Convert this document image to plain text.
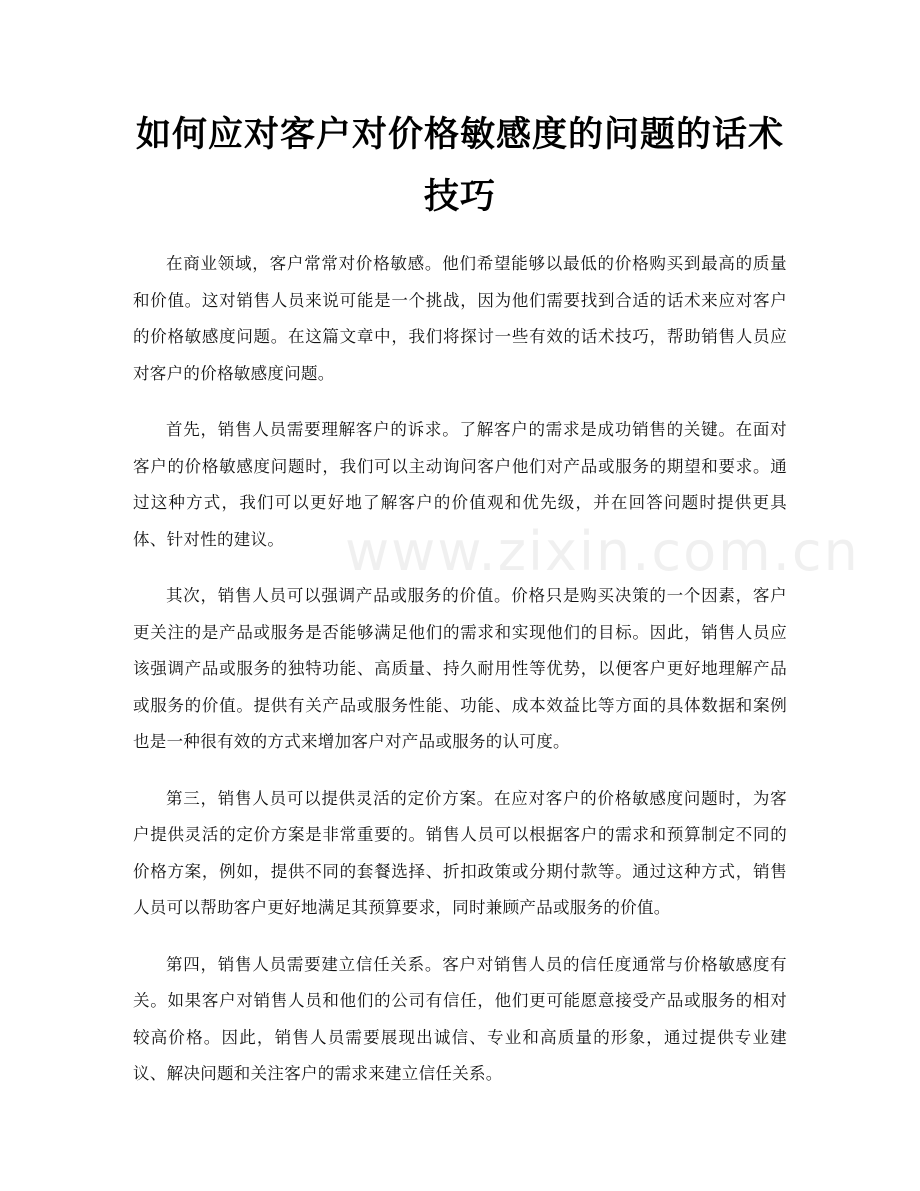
如何应对客户对价格敏感度的问题的话术技巧
www.zixin.com.cn

在商业领域，客户常常对价格敏感。他们希望能够以最低的价格购买到最高的质量和价值。这对销售人员来说可能是一个挑战，因为他们需要找到合适的话术来应对客户的价格敏感度问题。在这篇文章中，我们将探讨一些有效的话术技巧，帮助销售人员应对客户的价格敏感度问题。

首先，销售人员需要理解客户的诉求。了解客户的需求是成功销售的关键。在面对客户的价格敏感度问题时，我们可以主动询问客户他们对产品或服务的期望和要求。通过这种方式，我们可以更好地了解客户的价值观和优先级，并在回答问题时提供更具体、针对性的建议。

其次，销售人员可以强调产品或服务的价值。价格只是购买决策的一个因素，客户更关注的是产品或服务是否能够满足他们的需求和实现他们的目标。因此，销售人员应该强调产品或服务的独特功能、高质量、持久耐用性等优势，以便客户更好地理解产品或服务的价值。提供有关产品或服务性能、功能、成本效益比等方面的具体数据和案例也是一种很有效的方式来增加客户对产品或服务的认可度。

第三，销售人员可以提供灵活的定价方案。在应对客户的价格敏感度问题时，为客户提供灵活的定价方案是非常重要的。销售人员可以根据客户的需求和预算制定不同的价格方案，例如，提供不同的套餐选择、折扣政策或分期付款等。通过这种方式，销售人员可以帮助客户更好地满足其预算要求，同时兼顾产品或服务的价值。

第四，销售人员需要建立信任关系。客户对销售人员的信任度通常与价格敏感度有关。如果客户对销售人员和他们的公司有信任，他们更可能愿意接受产品或服务的相对较高价格。因此，销售人员需要展现出诚信、专业和高质量的形象，通过提供专业建议、解决问题和关注客户的需求来建立信任关系。
